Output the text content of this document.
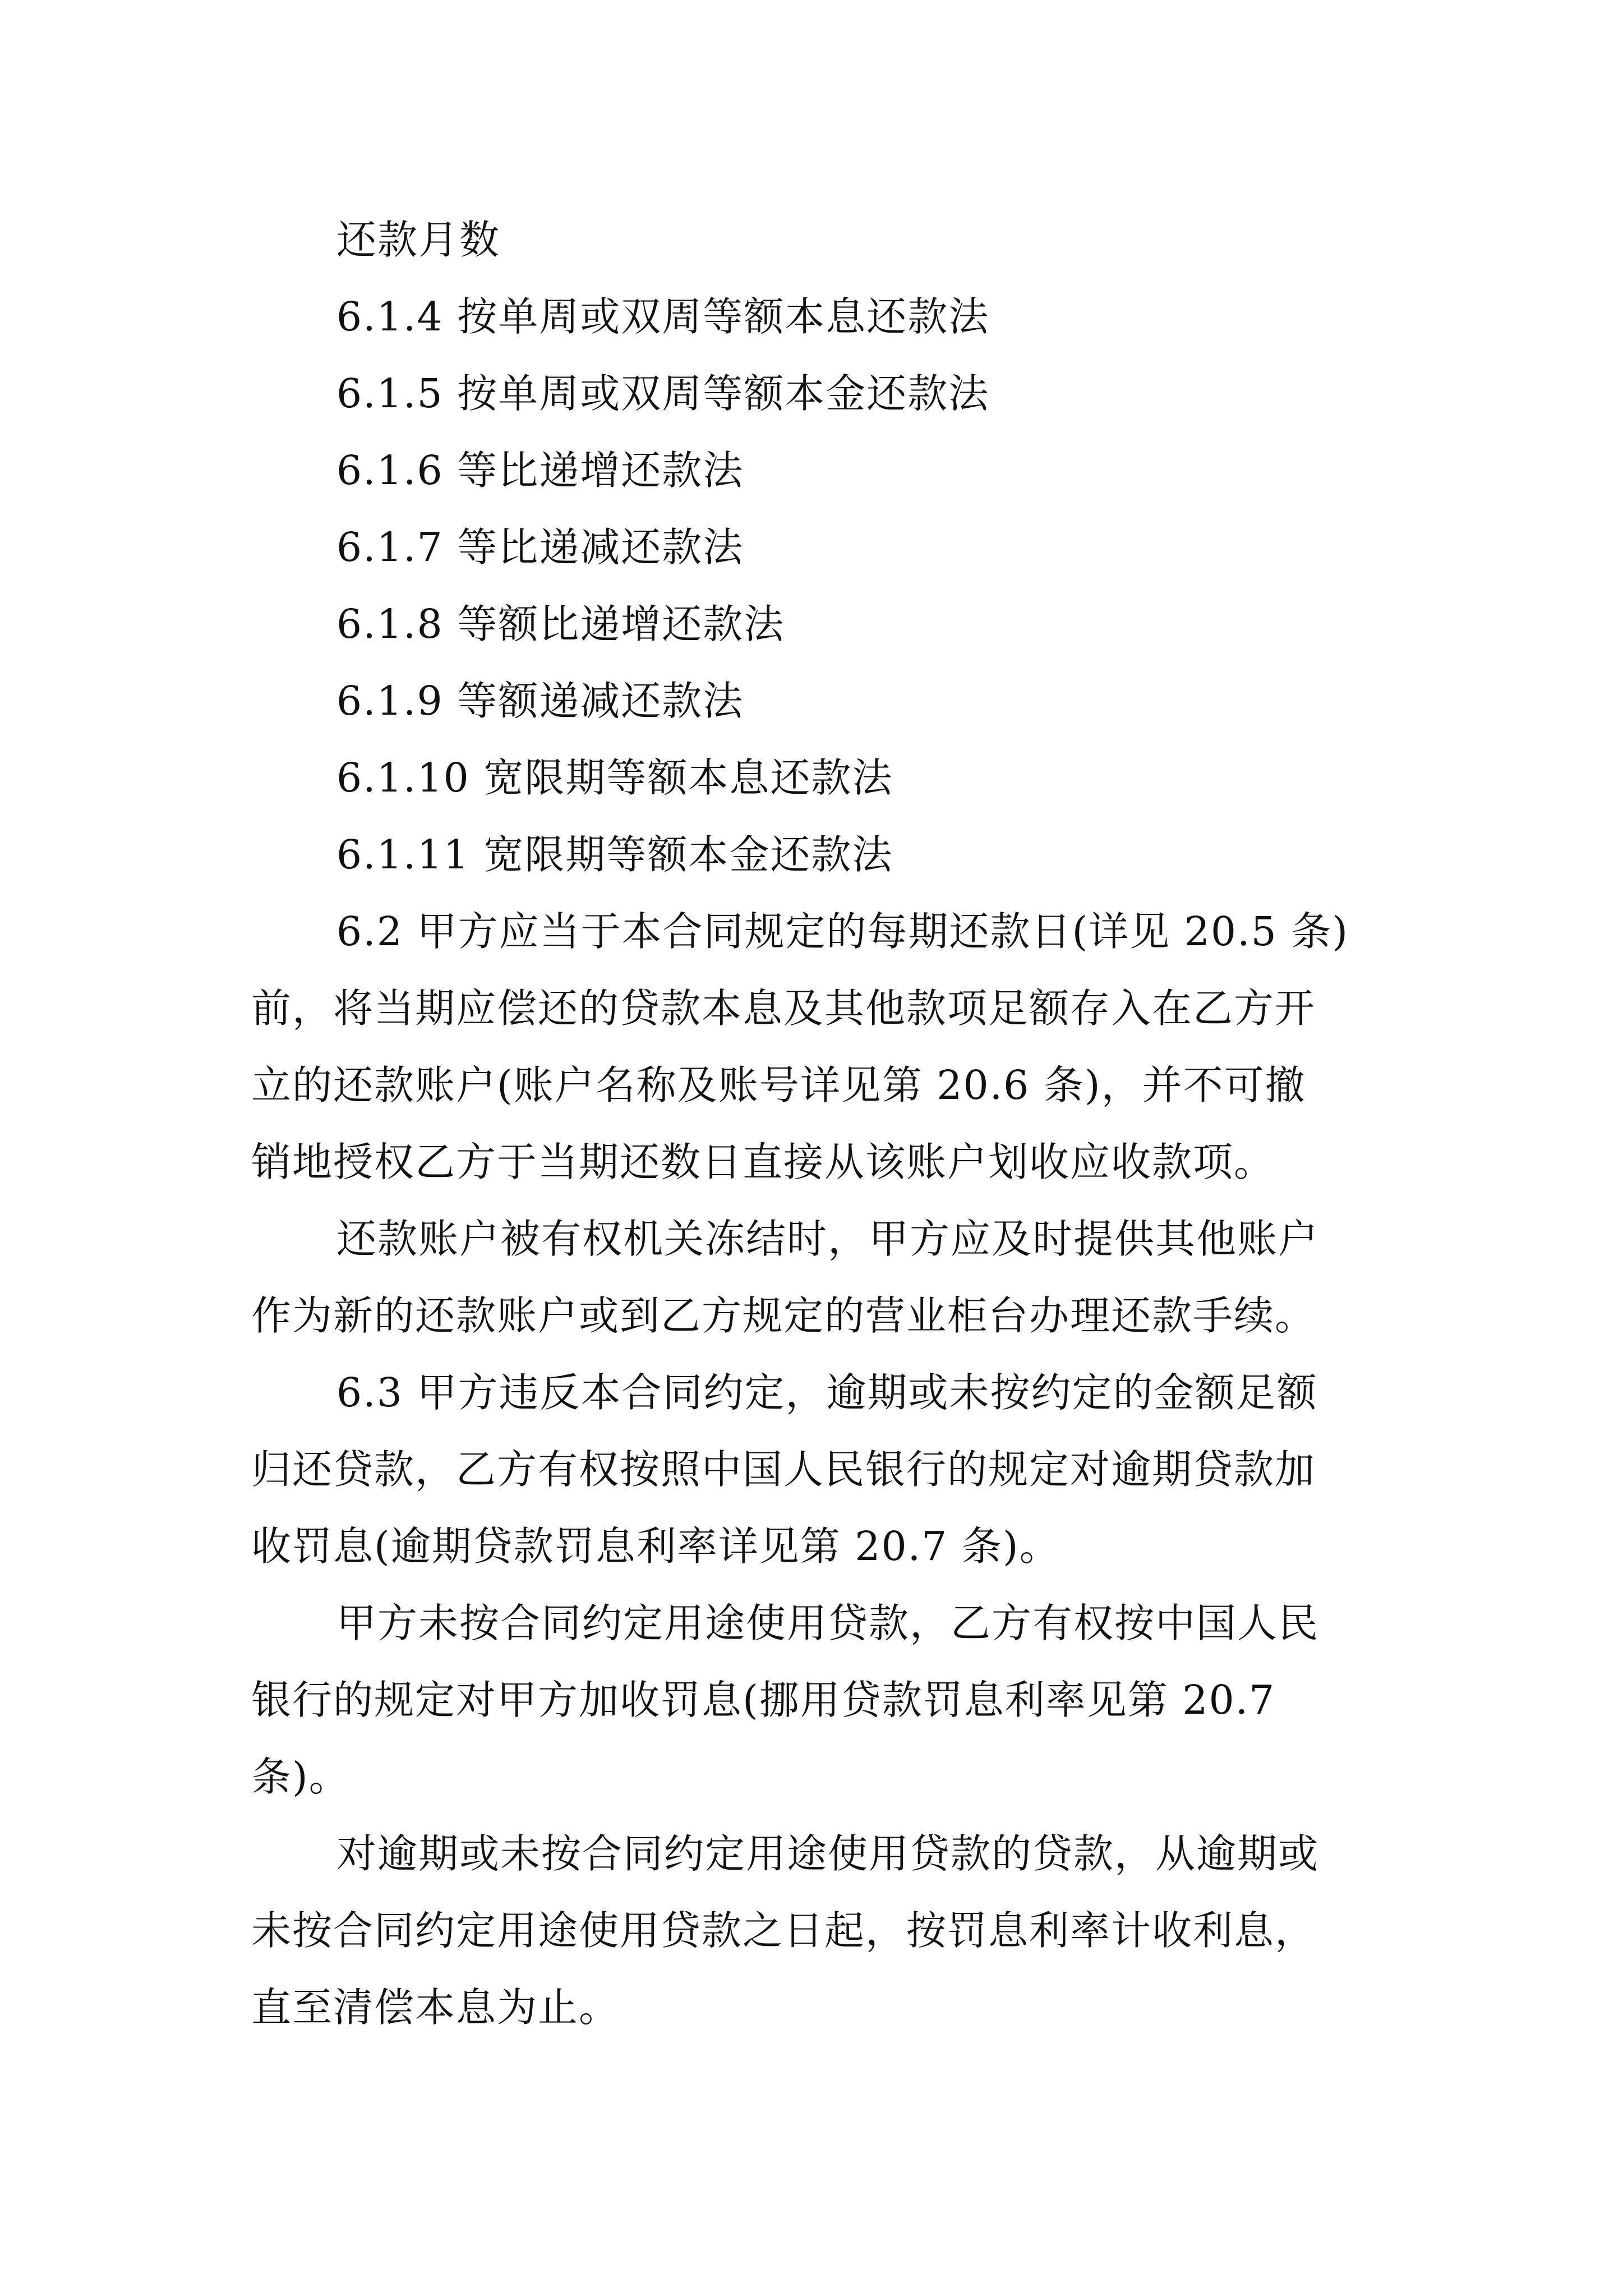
还款月数

6.1.4 按单周或双周等额本息还款法

6.1.5 按单周或双周等额本金还款法

6.1.6 等比递增还款法

6.1.7 等比递减还款法

6.1.8 等额比递增还款法

6.1.9 等额递减还款法

6.1.10 宽限期等额本息还款法

6.1.11 宽限期等额本金还款法

6.2 甲方应当于本合同规定的每期还款日(详见 20.5 条)

前，将当期应偿还的贷款本息及其他款项足额存入在乙方开

立的还款账户(账户名称及账号详见第 20.6 条)，并不可撤

销地授权乙方于当期还数日直接从该账户划收应收款项。

还款账户被有权机关冻结时，甲方应及时提供其他账户

作为新的还款账户或到乙方规定的营业柜台办理还款手续。

6.3 甲方违反本合同约定，逾期或未按约定的金额足额

归还贷款，乙方有权按照中国人民银行的规定对逾期贷款加

收罚息(逾期贷款罚息利率详见第 20.7 条)。

甲方未按合同约定用途使用贷款，乙方有权按中国人民

银行的规定对甲方加收罚息(挪用贷款罚息利率见第 20.7

条)。

对逾期或未按合同约定用途使用贷款的贷款，从逾期或

未按合同约定用途使用贷款之日起，按罚息利率计收利息，

直至清偿本息为止。
